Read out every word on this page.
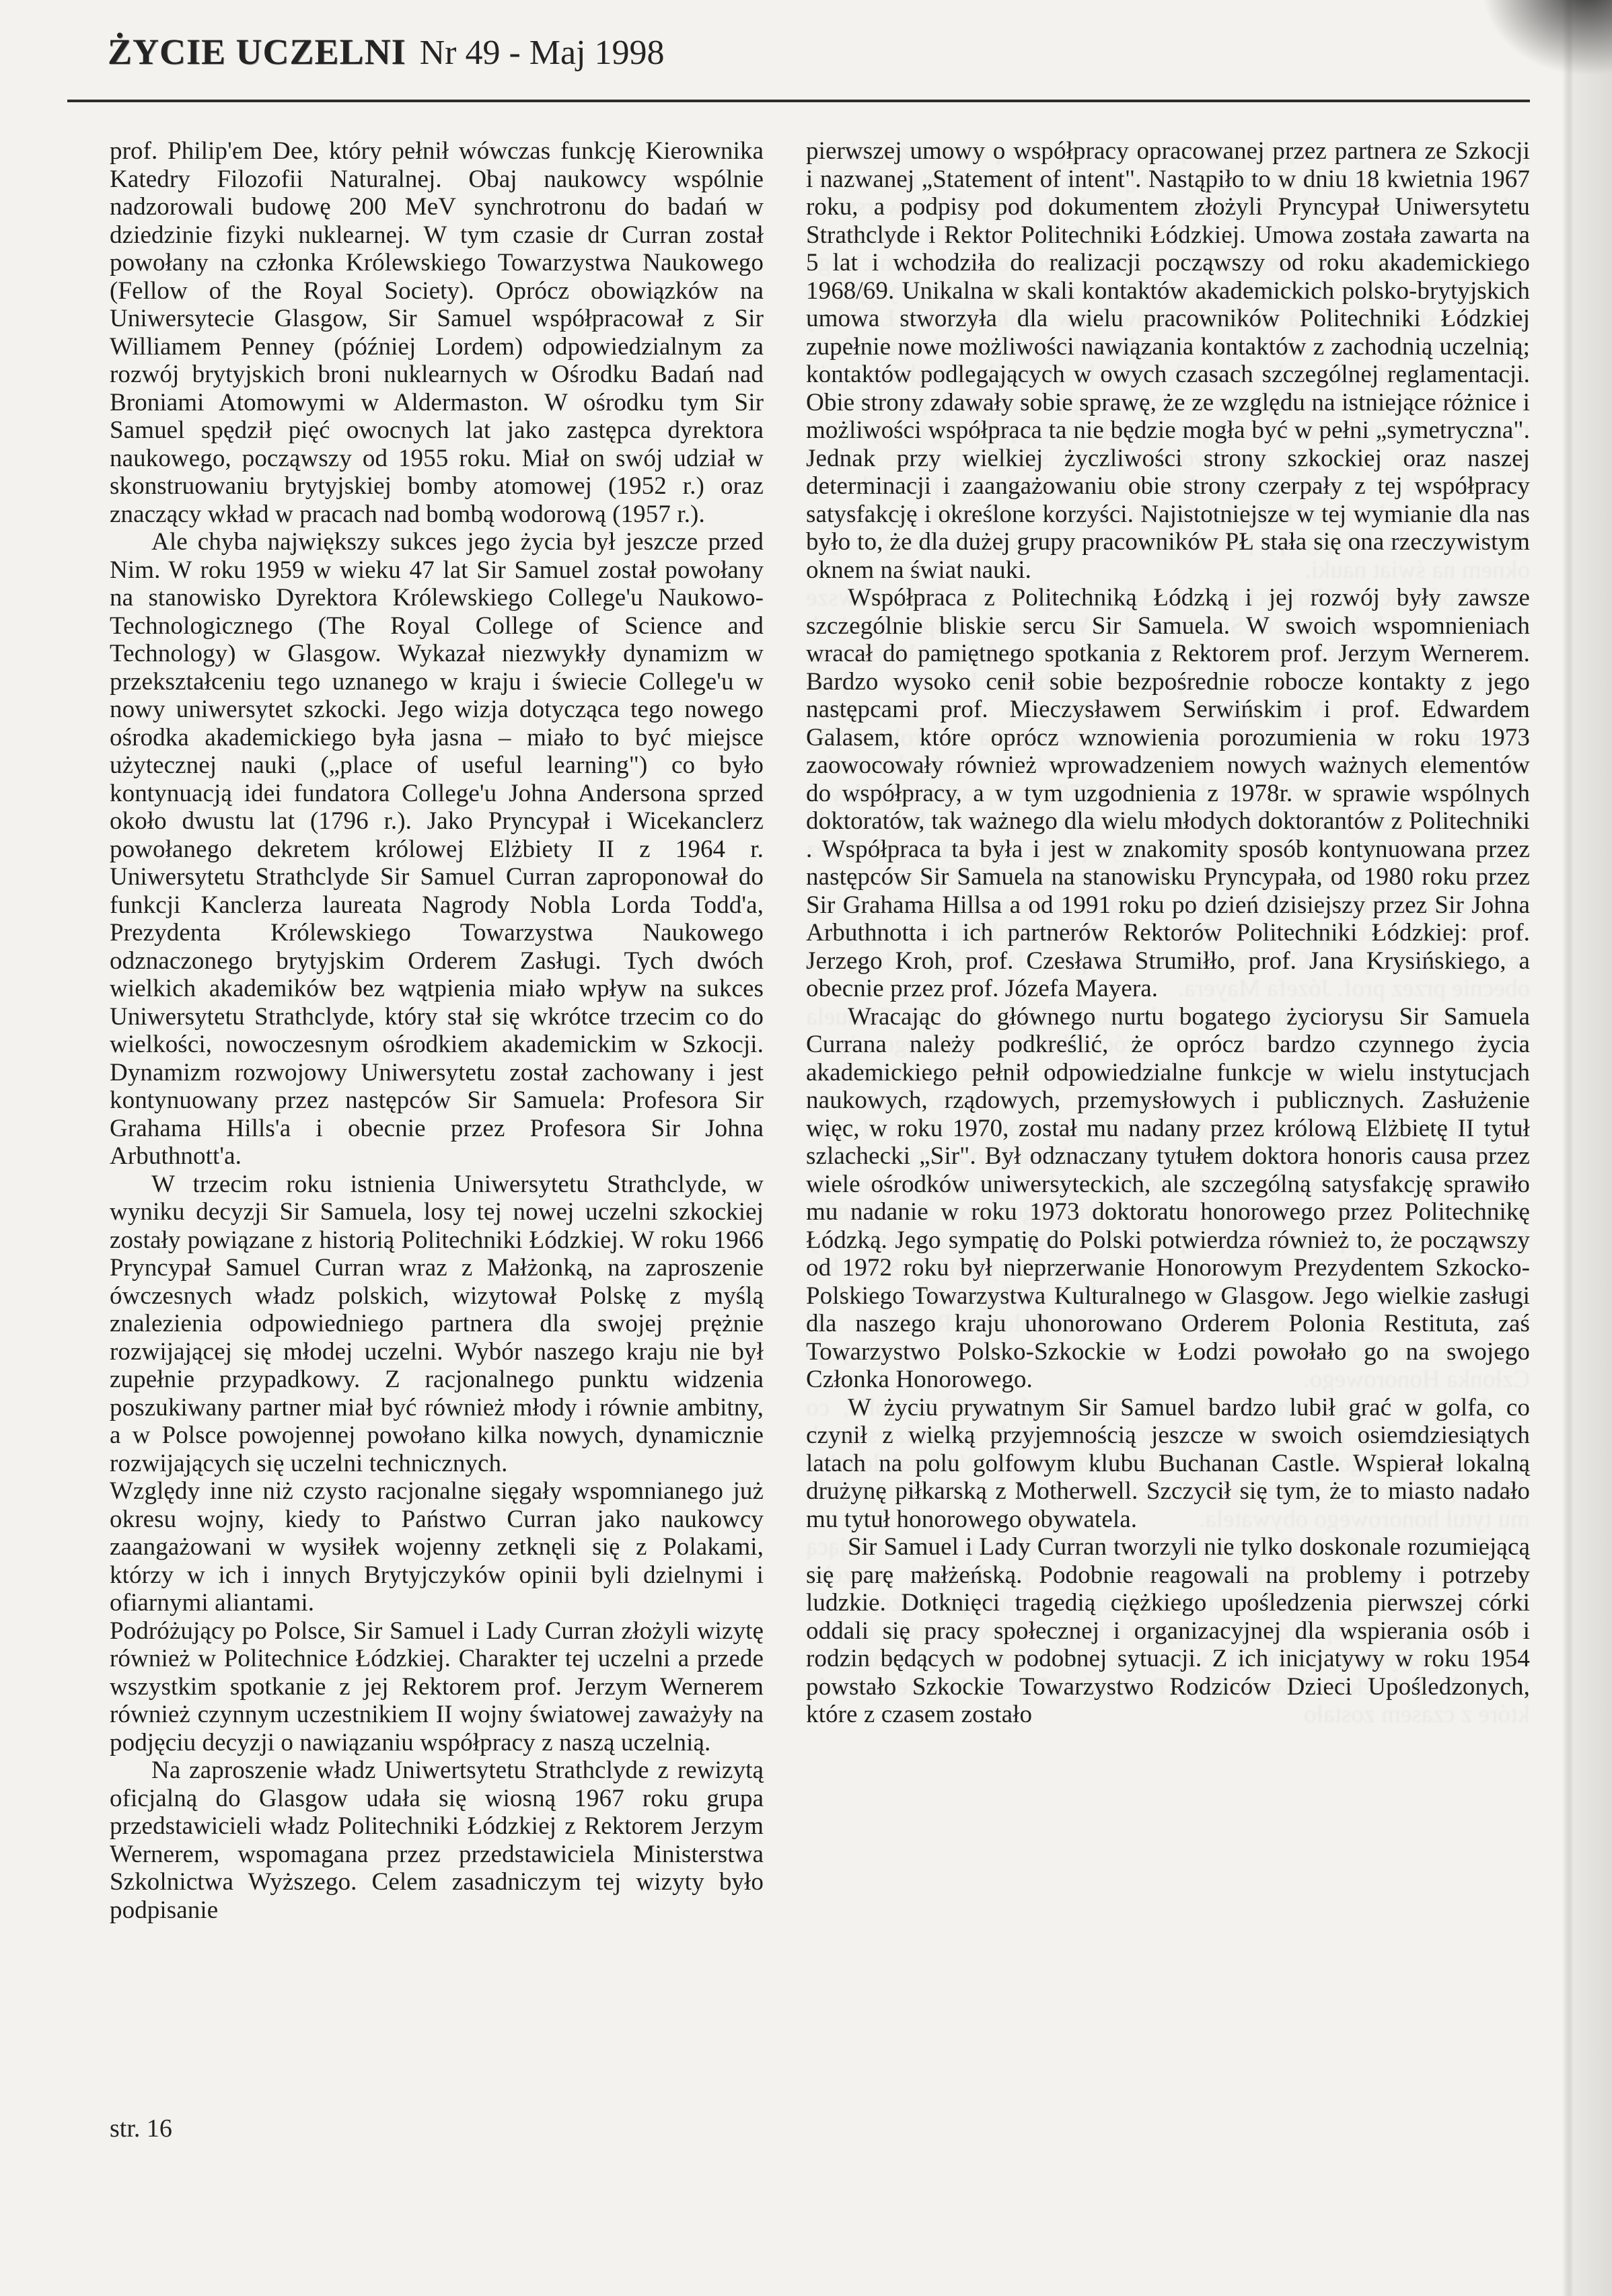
ŻYCIE UCZELNI Nr 49 - Maj 1998

prof. Philip'em Dee, który pełnił wówczas funkcję Kierownika Katedry Filozofii Naturalnej. Obaj naukowcy wspólnie nadzorowali budowę 200 MeV synchrotronu do badań w dziedzinie fizyki nuklearnej. W tym czasie dr Curran został powołany na członka Królewskiego Towarzystwa Naukowego (Fellow of the Royal Society). Oprócz obowiązków na Uniwersytecie Glasgow, Sir Samuel współpracował z Sir Williamem Penney (później Lordem) odpowiedzialnym za rozwój brytyjskich broni nuklearnych w Ośrodku Badań nad Broniami Atomowymi w Aldermaston. W ośrodku tym Sir Samuel spędził pięć owocnych lat jako zastępca dyrektora naukowego, począwszy od 1955 roku. Miał on swój udział w skonstruowaniu brytyjskiej bomby atomowej (1952 r.) oraz znaczący wkład w pracach nad bombą wodorową (1957 r.).

Ale chyba największy sukces jego życia był jeszcze przed Nim. W roku 1959 w wieku 47 lat Sir Samuel został powołany na stanowisko Dyrektora Królewskiego College'u Naukowo-Technologicznego (The Royal College of Science and Technology) w Glasgow. Wykazał niezwykły dynamizm w przekształceniu tego uznanego w kraju i świecie College'u w nowy uniwersytet szkocki. Jego wizja dotycząca tego nowego ośrodka akademickiego była jasna – miało to być miejsce użytecznej nauki („place of useful learning") co było kontynuacją idei fundatora College'u Johna Andersona sprzed około dwustu lat (1796 r.). Jako Pryncypał i Wicekanclerz powołanego dekretem królowej Elżbiety II z 1964 r. Uniwersytetu Strathclyde Sir Samuel Curran zaproponował do funkcji Kanclerza laureata Nagrody Nobla Lorda Todd'a, Prezydenta Królewskiego Towarzystwa Naukowego odznaczonego brytyjskim Orderem Zasługi. Tych dwóch wielkich akademików bez wątpienia miało wpływ na sukces Uniwersytetu Strathclyde, który stał się wkrótce trzecim co do wielkości, nowoczesnym ośrodkiem akademickim w Szkocji. Dynamizm rozwojowy Uniwersytetu został zachowany i jest kontynuowany przez następców Sir Samuela: Profesora Sir Grahama Hills'a i obecnie przez Profesora Sir Johna Arbuthnott'a.

W trzecim roku istnienia Uniwersytetu Strathclyde, w wyniku decyzji Sir Samuela, losy tej nowej uczelni szkockiej zostały powiązane z historią Politechniki Łódzkiej. W roku 1966 Pryncypał Samuel Curran wraz z Małżonką, na zaproszenie ówczesnych władz polskich, wizytował Polskę z myślą znalezienia odpowiedniego partnera dla swojej prężnie rozwijającej się młodej uczelni. Wybór naszego kraju nie był zupełnie przypadkowy. Z racjonalnego punktu widzenia poszukiwany partner miał być również młody i równie ambitny, a w Polsce powojennej powołano kilka nowych, dynamicznie rozwijających się uczelni technicznych.

Względy inne niż czysto racjonalne sięgały wspomnianego już okresu wojny, kiedy to Państwo Curran jako naukowcy zaangażowani w wysiłek wojenny zetknęli się z Polakami, którzy w ich i innych Brytyjczyków opinii byli dzielnymi i ofiarnymi aliantami.

Podróżujący po Polsce, Sir Samuel i Lady Curran złożyli wizytę również w Politechnice Łódzkiej. Charakter tej uczelni a przede wszystkim spotkanie z jej Rektorem prof. Jerzym Wernerem również czynnym uczestnikiem II wojny światowej zaważyły na podjęciu decyzji o nawiązaniu współpracy z naszą uczelnią.

Na zaproszenie władz Uniwertsytetu Strathclyde z rewizytą oficjalną do Glasgow udała się wiosną 1967 roku grupa przedstawicieli władz Politechniki Łódzkiej z Rektorem Jerzym Wernerem, wspomagana przez przedstawiciela Ministerstwa Szkolnictwa Wyższego. Celem zasadniczym tej wizyty było podpisanie

pierwszej umowy o współpracy opracowanej przez partnera ze Szkocji i nazwanej „Statement of intent". Nastąpiło to w dniu 18 kwietnia 1967 roku, a podpisy pod dokumentem złożyli Pryncypał Uniwersytetu Strathclyde i Rektor Politechniki Łódzkiej. Umowa została zawarta na 5 lat i wchodziła do realizacji począwszy od roku akademickiego 1968/69. Unikalna w skali kontaktów akademickich polsko-brytyjskich umowa stworzyła dla wielu pracowników Politechniki Łódzkiej zupełnie nowe możliwości nawiązania kontaktów z zachodnią uczelnią; kontaktów podlegających w owych czasach szczególnej reglamentacji. Obie strony zdawały sobie sprawę, że ze względu na istniejące różnice i możliwości współpraca ta nie będzie mogła być w pełni „symetryczna". Jednak przy wielkiej życzliwości strony szkockiej oraz naszej determinacji i zaangażowaniu obie strony czerpały z tej współpracy satysfakcję i określone korzyści. Najistotniejsze w tej wymianie dla nas było to, że dla dużej grupy pracowników PŁ stała się ona rzeczywistym oknem na świat nauki.

Współpraca z Politechniką Łódzką i jej rozwój były zawsze szczególnie bliskie sercu Sir Samuela. W swoich wspomnieniach wracał do pamiętnego spotkania z Rektorem prof. Jerzym Wernerem. Bardzo wysoko cenił sobie bezpośrednie robocze kontakty z jego następcami prof. Mieczysławem Serwińskim i prof. Edwardem Galasem, które oprócz wznowienia porozumienia w roku 1973 zaowocowały również wprowadzeniem nowych ważnych elementów do współpracy, a w tym uzgodnienia z 1978r. w sprawie wspólnych doktoratów, tak ważnego dla wielu młodych doktorantów z Politechniki . Współpraca ta była i jest w znakomity sposób kontynuowana przez następców Sir Samuela na stanowisku Pryncypała, od 1980 roku przez Sir Grahama Hillsa a od 1991 roku po dzień dzisiejszy przez Sir Johna Arbuthnotta i ich partnerów Rektorów Politechniki Łódzkiej: prof. Jerzego Kroh, prof. Czesława Strumiłło, prof. Jana Krysińskiego, a obecnie przez prof. Józefa Mayera.

Wracając do głównego nurtu bogatego życiorysu Sir Samuela Currana należy podkreślić, że oprócz bardzo czynnego życia akademickiego pełnił odpowiedzialne funkcje w wielu instytucjach naukowych, rządowych, przemysłowych i publicznych. Zasłużenie więc, w roku 1970, został mu nadany przez królową Elżbietę II tytuł szlachecki „Sir". Był odznaczany tytułem doktora honoris causa przez wiele ośrodków uniwersyteckich, ale szczególną satysfakcję sprawiło mu nadanie w roku 1973 doktoratu honorowego przez Politechnikę Łódzką. Jego sympatię do Polski potwierdza również to, że począwszy od 1972 roku był nieprzerwanie Honorowym Prezydentem Szkocko-Polskiego Towarzystwa Kulturalnego w Glasgow. Jego wielkie zasługi dla naszego kraju uhonorowano Orderem Polonia Restituta, zaś Towarzystwo Polsko-Szkockie w Łodzi powołało go na swojego Członka Honorowego.

W życiu prywatnym Sir Samuel bardzo lubił grać w golfa, co czynił z wielką przyjemnością jeszcze w swoich osiemdziesiątych latach na polu golfowym klubu Buchanan Castle. Wspierał lokalną drużynę piłkarską z Motherwell. Szczycił się tym, że to miasto nadało mu tytuł honorowego obywatela.

Sir Samuel i Lady Curran tworzyli nie tylko doskonale rozumiejącą się parę małżeńską. Podobnie reagowali na problemy i potrzeby ludzkie. Dotknięci tragedią ciężkiego upośledzenia pierwszej córki oddali się pracy społecznej i organizacyjnej dla wspierania osób i rodzin będących w podobnej sytuacji. Z ich inicjatywy w roku 1954 powstało Szkockie Towarzystwo Rodziców Dzieci Upośledzonych, które z czasem zostało

str. 16
